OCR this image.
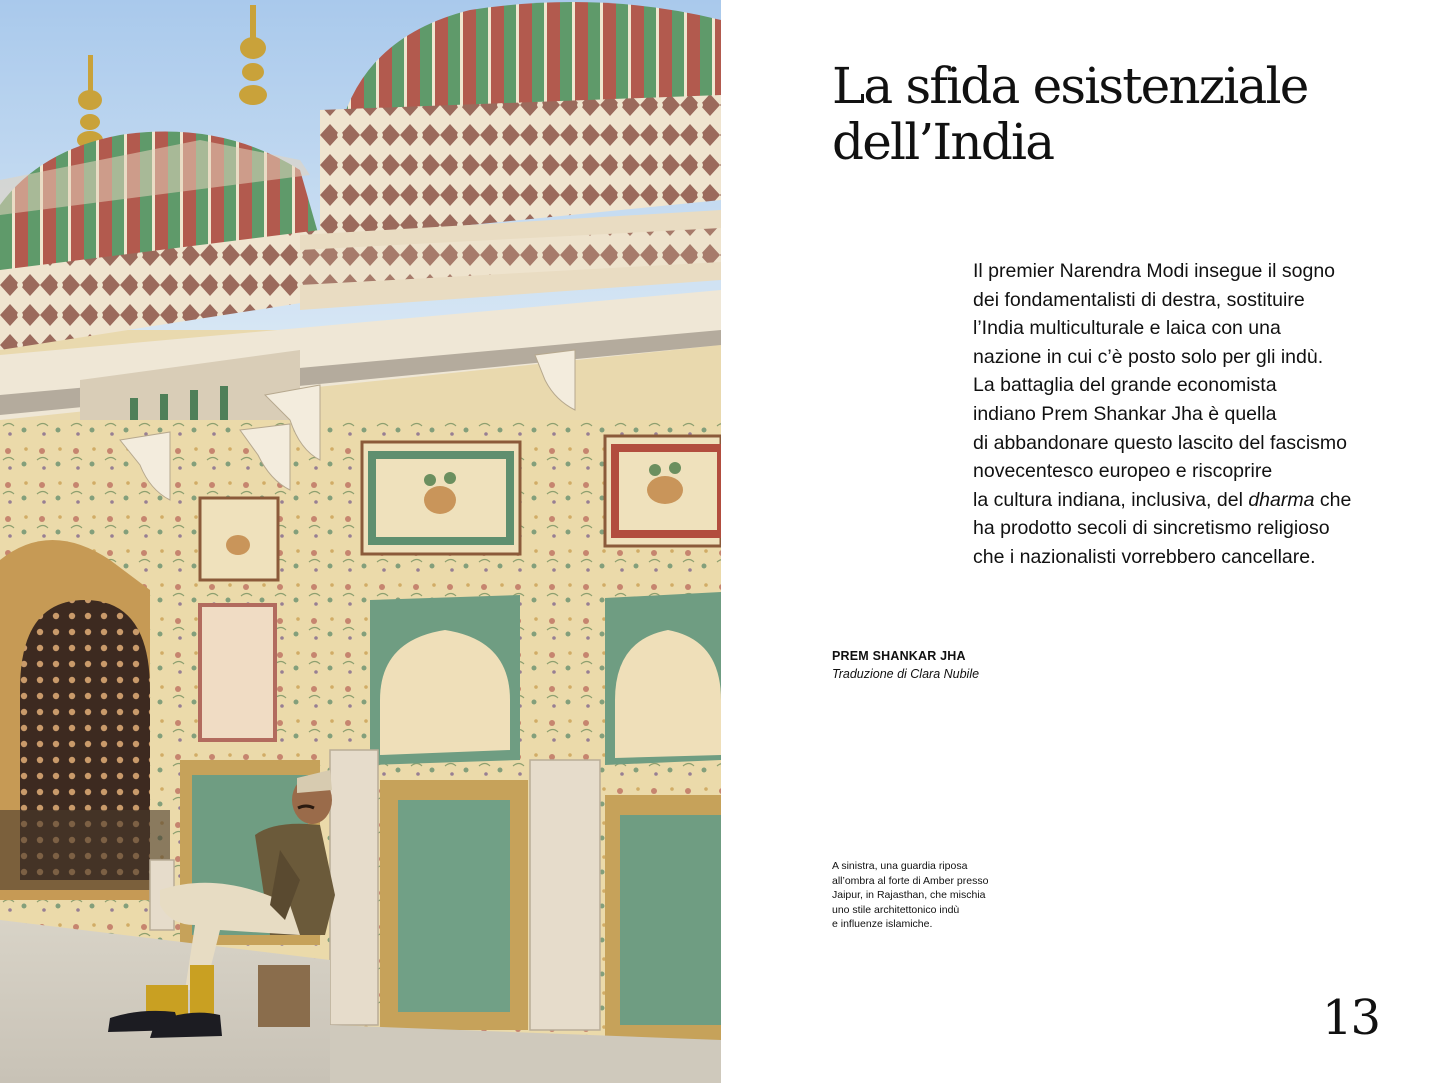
La sfida esistenziale
dell’India
Il premier Narendra Modi insegue il sogno
dei fondamentalisti di destra, sostituire
l’India multiculturale e laica con una
nazione in cui c’è posto solo per gli indù.
La battaglia del grande economista
indiano Prem Shankar Jha è quella
di abbandonare questo lascito del fascismo
novecentesco europeo e riscoprire
la cultura indiana, inclusiva, del dharma che
ha prodotto secoli di sincretismo religioso
che i nazionalisti vorrebbero cancellare.
PREM SHANKAR JHA
Traduzione di Clara Nubile
A sinistra, una guardia riposa
all’ombra al forte di Amber presso
Jaipur, in Rajasthan, che mischia
uno stile architettonico indù
e influenze islamiche.
13
